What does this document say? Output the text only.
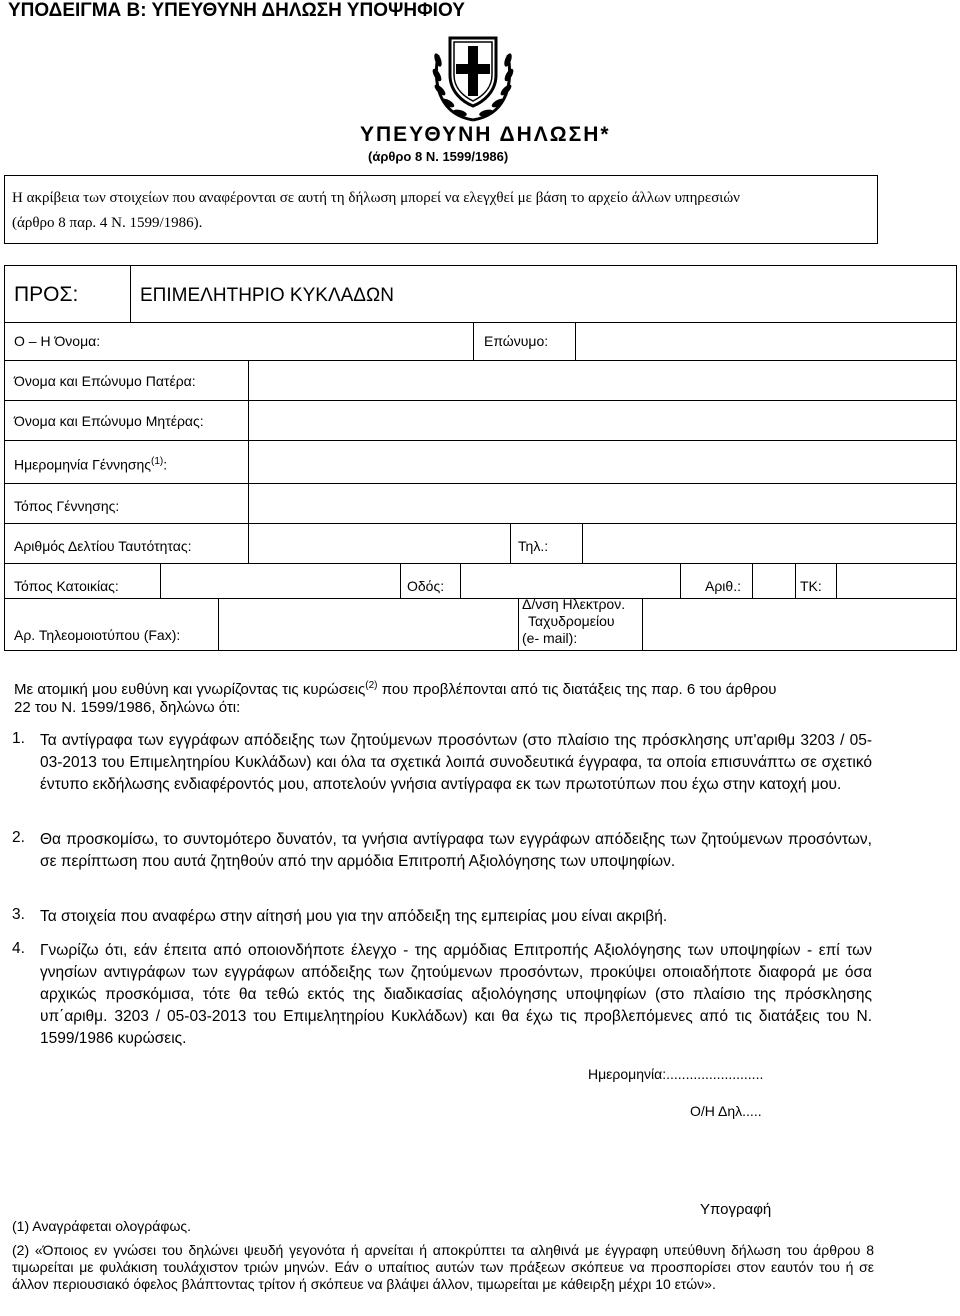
ΥΠΟΔΕΙΓΜΑ Β: ΥΠΕΥΘΥΝΗ ΔΗΛΩΣΗ ΥΠΟΨΗΦΙΟΥ
ΥΠΕΥΘΥΝΗ ΔΗΛΩΣΗ*
(άρθρο 8 Ν. 1599/1986)
Η ακρίβεια των στοιχείων που αναφέρονται σε αυτή τη δήλωση μπορεί να ελεγχθεί με βάση το αρχείο άλλων υπηρεσιών
(άρθρο 8 παρ. 4 Ν. 1599/1986).
ΠΡΟΣ:	ΕΠΙΜΕΛΗΤΗΡΙΟ ΚΥΚΛΑΔΩΝ
Ο – Η Όνομα:	Επώνυμο:
Όνομα και Επώνυμο Πατέρα:
Όνομα και Επώνυμο Μητέρας:
Ημερομηνία Γέννησης$^{(1)}$:
Τόπος Γέννησης:
Αριθμός Δελτίου Ταυτότητας:	Τηλ.:
Τόπος Κατοικίας:	Οδός:	Αριθ.:	ΤΚ:
Αρ. Τηλεομοιοτύπου (Fax):
Δ/νση Ηλεκτρον.
Ταχυδρομείου
(e- mail):
Με ατομική μου ευθύνη και γνωρίζοντας τις κυρώσεις$^{(2)}$ που προβλέπονται από τις διατάξεις της παρ. 6 του άρθρου
22 του Ν. 1599/1986, δηλώνω ότι:
1. Τα αντίγραφα των εγγράφων απόδειξης των ζητούμενων προσόντων (στο πλαίσιο της πρόσκλησης υπ'αριθμ 3203 / 05-03-2013 του Επιμελητηρίου Κυκλάδων) και όλα τα σχετικά λοιπά συνοδευτικά έγγραφα, τα οποία επισυνάπτω σε σχετικό έντυπο εκδήλωσης ενδιαφέροντός μου, αποτελούν γνήσια αντίγραφα εκ των πρωτοτύπων που έχω στην κατοχή μου.
2. Θα προσκομίσω, το συντομότερο δυνατόν, τα γνήσια αντίγραφα των εγγράφων απόδειξης των ζητούμενων προσόντων, σε περίπτωση που αυτά ζητηθούν από την αρμόδια Επιτροπή Αξιολόγησης των υποψηφίων.
3. Τα στοιχεία που αναφέρω στην αίτησή μου για την απόδειξη της εμπειρίας μου είναι ακριβή.
4. Γνωρίζω ότι, εάν έπειτα από οποιονδήποτε έλεγχο - της αρμόδιας Επιτροπής Αξιολόγησης των υποψηφίων - επί των γνησίων αντιγράφων των εγγράφων απόδειξης των ζητούμενων προσόντων, προκύψει οποιαδήποτε διαφορά με όσα αρχικώς προσκόμισα, τότε θα τεθώ εκτός της διαδικασίας αξιολόγησης υποψηφίων (στο πλαίσιο της πρόσκλησης υπ΄αριθμ. 3203 / 05-03-2013 του Επιμελητηρίου Κυκλάδων) και θα έχω τις προβλεπόμενες από τις διατάξεις του Ν. 1599/1986 κυρώσεις.
Ημερομηνία:.........................
Ο/Η Δηλ.....
Υπογραφή
(1) Αναγράφεται ολογράφως.
(2) «Όποιος εν γνώσει του δηλώνει ψευδή γεγονότα ή αρνείται ή αποκρύπτει τα αληθινά με έγγραφη υπεύθυνη δήλωση του άρθρου 8 τιμωρείται με φυλάκιση τουλάχιστον τριών μηνών. Εάν ο υπαίτιος αυτών των πράξεων σκόπευε να προσπορίσει στον εαυτόν του ή σε άλλον περιουσιακό όφελος βλάπτοντας τρίτον ή σκόπευε να βλάψει άλλον, τιμωρείται με κάθειρξη μέχρι 10 ετών».
